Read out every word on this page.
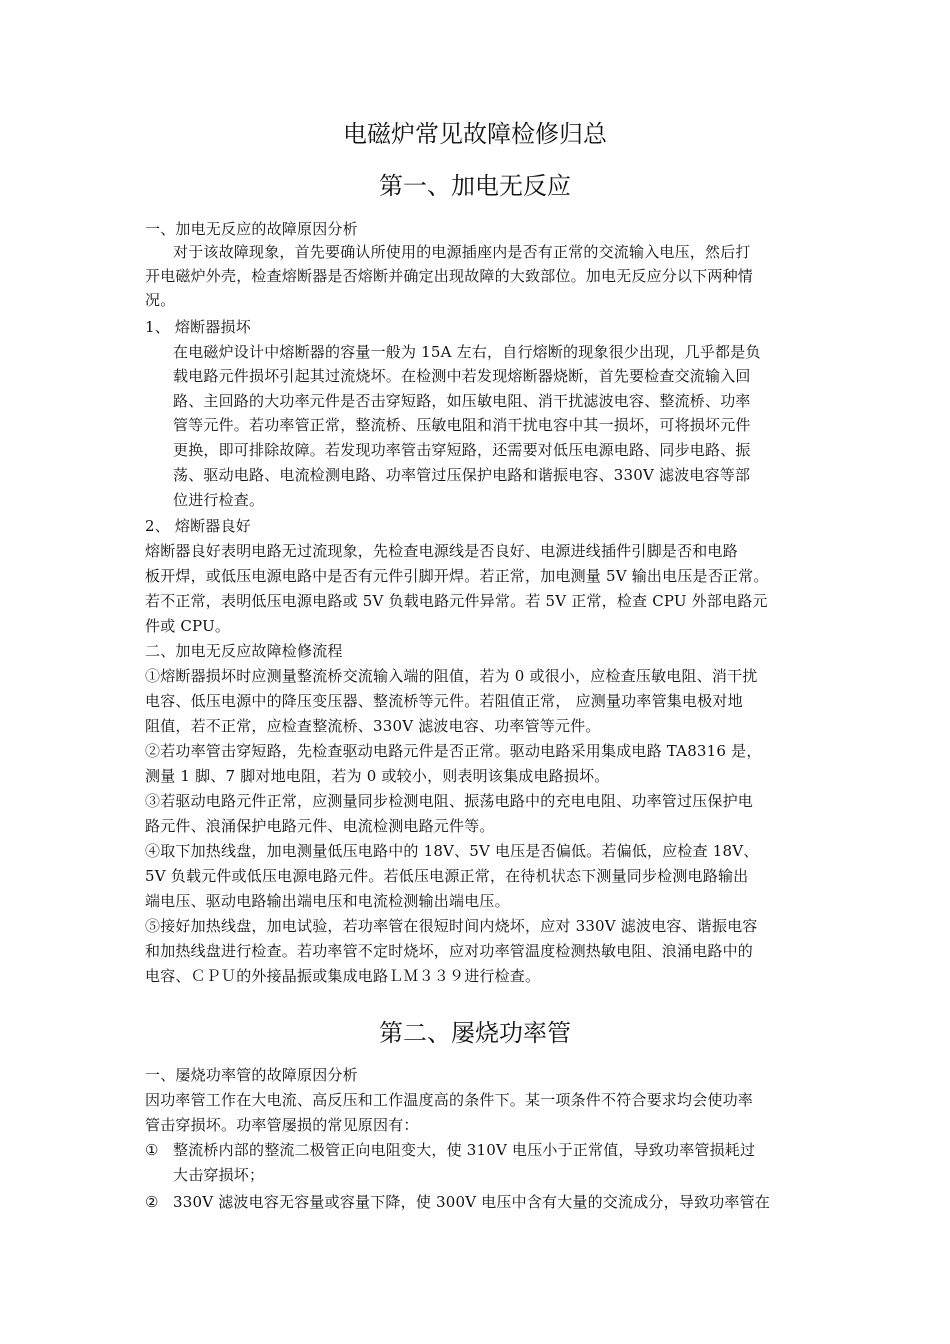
电磁炉常见故障检修归总
第一、加电无反应
一、加电无反应的故障原因分析
对于该故障现象，首先要确认所使用的电源插座内是否有正常的交流输入电压，然后打
开电磁炉外壳，检查熔断器是否熔断并确定出现故障的大致部位。加电无反应分以下两种情
况。
1、 熔断器损坏
在电磁炉设计中熔断器的容量一般为 15A 左右，自行熔断的现象很少出现，几乎都是负
载电路元件损坏引起其过流烧坏。在检测中若发现熔断器烧断，首先要检查交流输入回
路、主回路的大功率元件是否击穿短路，如压敏电阻、消干扰滤波电容、整流桥、功率
管等元件。若功率管正常，整流桥、压敏电阻和消干扰电容中其一损坏，可将损坏元件
更换，即可排除故障。若发现功率管击穿短路，还需要对低压电源电路、同步电路、振
荡、驱动电路、电流检测电路、功率管过压保护电路和谐振电容、330V 滤波电容等部
位进行检查。
2、 熔断器良好
熔断器良好表明电路无过流现象，先检查电源线是否良好、电源进线插件引脚是否和电路
板开焊，或低压电源电路中是否有元件引脚开焊。若正常，加电测量 5V 输出电压是否正常。
若不正常，表明低压电源电路或 5V 负载电路元件异常。若 5V 正常，检查 CPU 外部电路元
件或 CPU。
二、加电无反应故障检修流程
①熔断器损坏时应测量整流桥交流输入端的阻值，若为 0 或很小，应检查压敏电阻、消干扰
电容、低压电源中的降压变压器、整流桥等元件。若阻值正常， 应测量功率管集电极对地
阻值，若不正常，应检查整流桥、330V 滤波电容、功率管等元件。
②若功率管击穿短路，先检查驱动电路元件是否正常。驱动电路采用集成电路 TA8316 是，
测量 1 脚、7 脚对地电阻，若为 0 或较小，则表明该集成电路损坏。
③若驱动电路元件正常，应测量同步检测电阻、振荡电路中的充电电阻、功率管过压保护电
路元件、浪涌保护电路元件、电流检测电路元件等。
④取下加热线盘，加电测量低压电路中的 18V、5V 电压是否偏低。若偏低，应检查 18V、
5V 负载元件或低压电源电路元件。若低压电源正常，在待机状态下测量同步检测电路输出
端电压、驱动电路输出端电压和电流检测输出端电压。
⑤接好加热线盘，加电试验，若功率管在很短时间内烧坏，应对 330V 滤波电容、谐振电容
和加热线盘进行检查。若功率管不定时烧坏，应对功率管温度检测热敏电阻、浪涌电路中的
电容、ＣＰＵ的外接晶振或集成电路ＬＭ３３９进行检查。
第二、屡烧功率管
一、屡烧功率管的故障原因分析
因功率管工作在大电流、高反压和工作温度高的条件下。某一项条件不符合要求均会使功率
管击穿损坏。功率管屡损的常见原因有：
① 整流桥内部的整流二极管正向电阻变大，使 310V 电压小于正常值，导致功率管损耗过
大击穿损坏；
② 330V 滤波电容无容量或容量下降，使 300V 电压中含有大量的交流成分，导致功率管在
